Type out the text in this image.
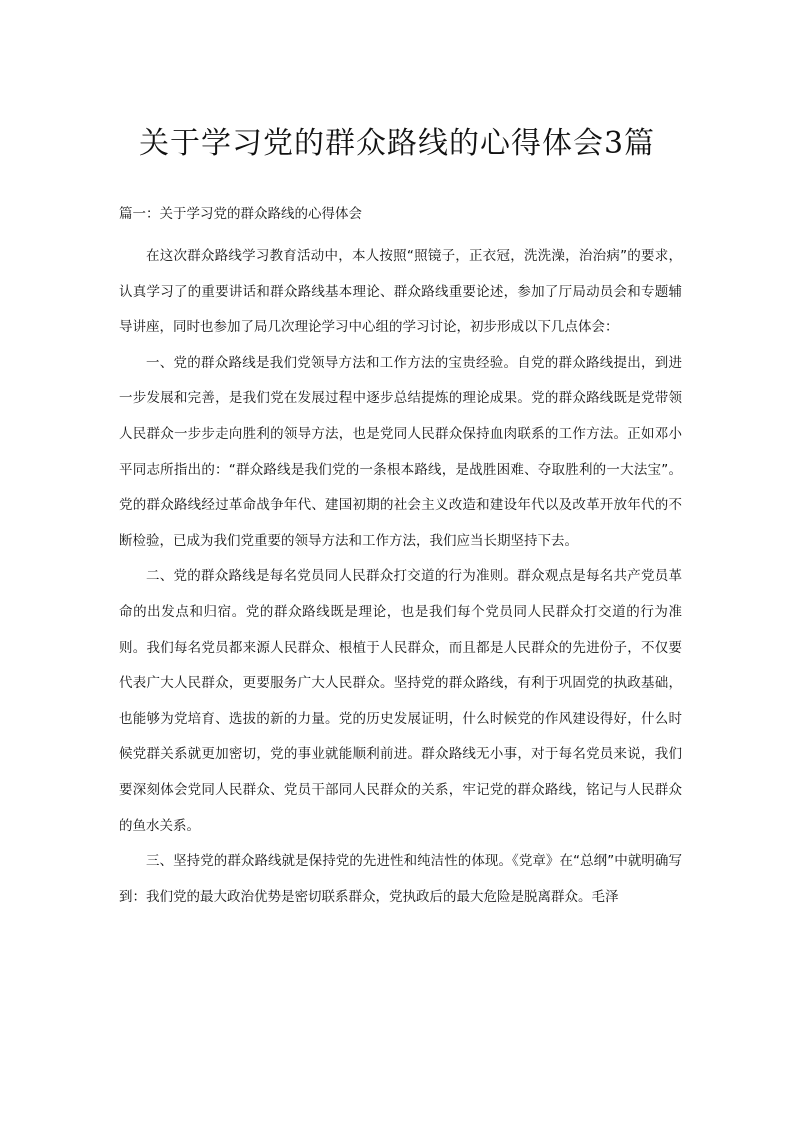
关于学习党的群众路线的心得体会3篇

篇一：关于学习党的群众路线的心得体会

在这次群众路线学习教育活动中，本人按照“照镜子，正衣冠，洗洗澡，治治病”的要求，认真学习了的重要讲话和群众路线基本理论、群众路线重要论述，参加了厅局动员会和专题辅导讲座，同时也参加了局几次理论学习中心组的学习讨论，初步形成以下几点体会：

一、党的群众路线是我们党领导方法和工作方法的宝贵经验。自党的群众路线提出，到进一步发展和完善，是我们党在发展过程中逐步总结提炼的理论成果。党的群众路线既是党带领人民群众一步步走向胜利的领导方法，也是党同人民群众保持血肉联系的工作方法。正如邓小平同志所指出的：“群众路线是我们党的一条根本路线，是战胜困难、夺取胜利的一大法宝”。党的群众路线经过革命战争年代、建国初期的社会主义改造和建设年代以及改革开放年代的不断检验，已成为我们党重要的领导方法和工作方法，我们应当长期坚持下去。

二、党的群众路线是每名党员同人民群众打交道的行为准则。群众观点是每名共产党员革命的出发点和归宿。党的群众路线既是理论，也是我们每个党员同人民群众打交道的行为准则。我们每名党员都来源人民群众、根植于人民群众，而且都是人民群众的先进份子，不仅要代表广大人民群众，更要服务广大人民群众。坚持党的群众路线，有利于巩固党的执政基础，也能够为党培育、选拔的新的力量。党的历史发展证明，什么时候党的作风建设得好，什么时候党群关系就更加密切，党的事业就能顺利前进。群众路线无小事，对于每名党员来说，我们要深刻体会党同人民群众、党员干部同人民群众的关系，牢记党的群众路线，铭记与人民群众的鱼水关系。

三、坚持党的群众路线就是保持党的先进性和纯洁性的体现。《党章》在“总纲”中就明确写到：我们党的最大政治优势是密切联系群众，党执政后的最大危险是脱离群众。毛泽
